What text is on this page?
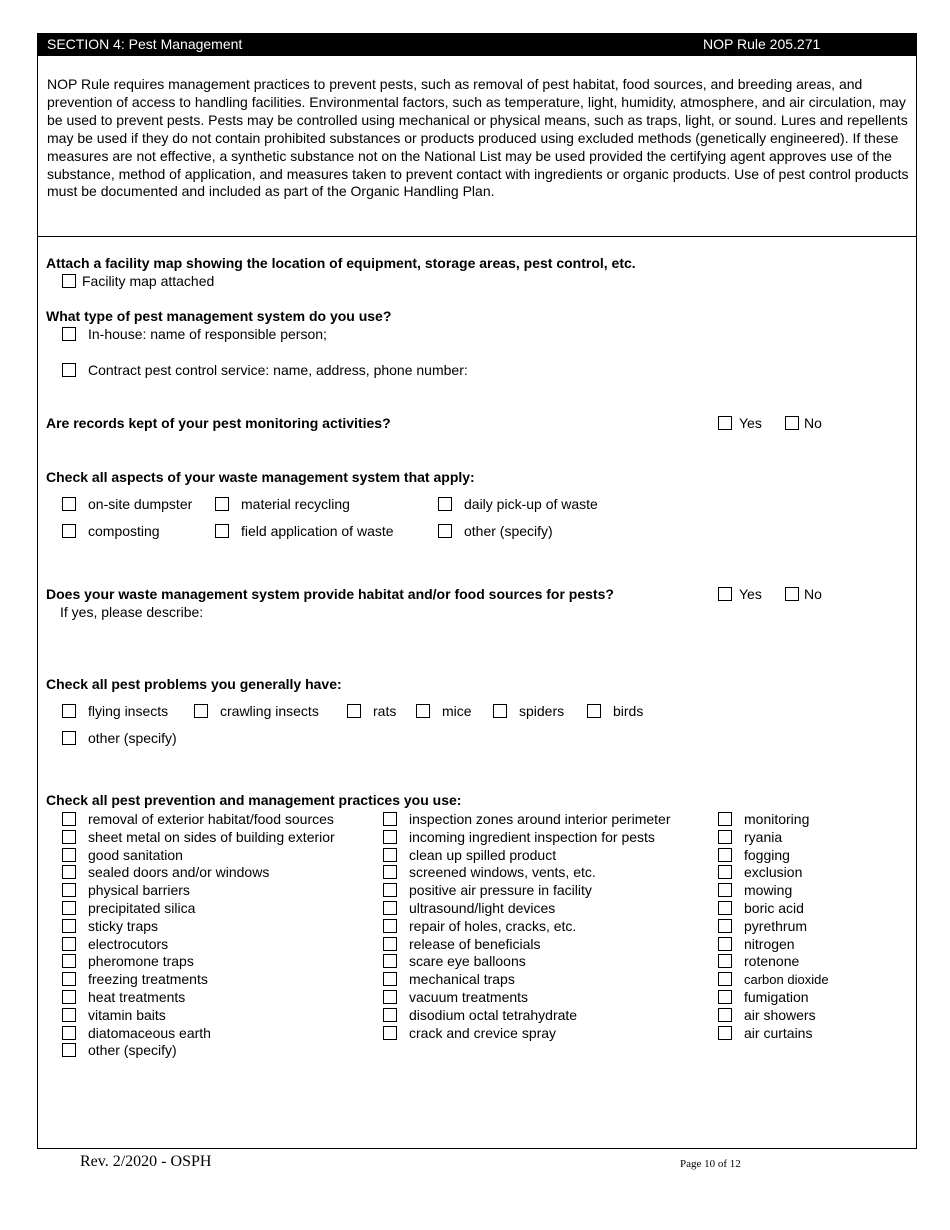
SECTION 4: Pest Management	NOP Rule 205.271
NOP Rule requires management practices to prevent pests, such as removal of pest habitat, food sources, and breeding areas, and prevention of access to handling facilities. Environmental factors, such as temperature, light, humidity, atmosphere, and air circulation, may be used to prevent pests. Pests may be controlled using mechanical or physical means, such as traps, light, or sound. Lures and repellents may be used if they do not contain prohibited substances or products produced using excluded methods (genetically engineered). If these measures are not effective, a synthetic substance not on the National List may be used provided the certifying agent approves use of the substance, method of application, and measures taken to prevent contact with ingredients or organic products. Use of pest control products must be documented and included as part of the Organic Handling Plan.
Attach a facility map showing the location of equipment, storage areas, pest control, etc.
Facility map attached
What type of pest management system do you use?
In-house: name of responsible person;
Contract pest control service: name, address, phone number:
Are records kept of your pest monitoring activities?	Yes	No
Check all aspects of your waste management system that apply:
on-site dumpster	material recycling	daily pick-up of waste
composting	field application of waste	other (specify)
Does your waste management system provide habitat and/or food sources for pests?	Yes	No
If yes, please describe:
Check all pest problems you generally have:
flying insects	crawling insects	rats	mice	spiders	birds
other (specify)
Check all pest prevention and management practices you use:
removal of exterior habitat/food sources
sheet metal on sides of building exterior
good sanitation
sealed doors and/or windows
physical barriers
precipitated silica
sticky traps
electrocutors
pheromone traps
freezing treatments
heat treatments
vitamin baits
diatomaceous earth
other (specify)
inspection zones around interior perimeter
incoming ingredient inspection for pests
clean up spilled product
screened windows, vents, etc.
positive air pressure in facility
ultrasound/light devices
repair of holes, cracks, etc.
release of beneficials
scare eye balloons
mechanical traps
vacuum treatments
disodium octal tetrahydrate
crack and crevice spray
monitoring
ryania
fogging
exclusion
mowing
boric acid
pyrethrum
nitrogen
rotenone
carbon dioxide
fumigation
air showers
air curtains
Rev. 2/2020 - OSPH	Page 10 of 12
